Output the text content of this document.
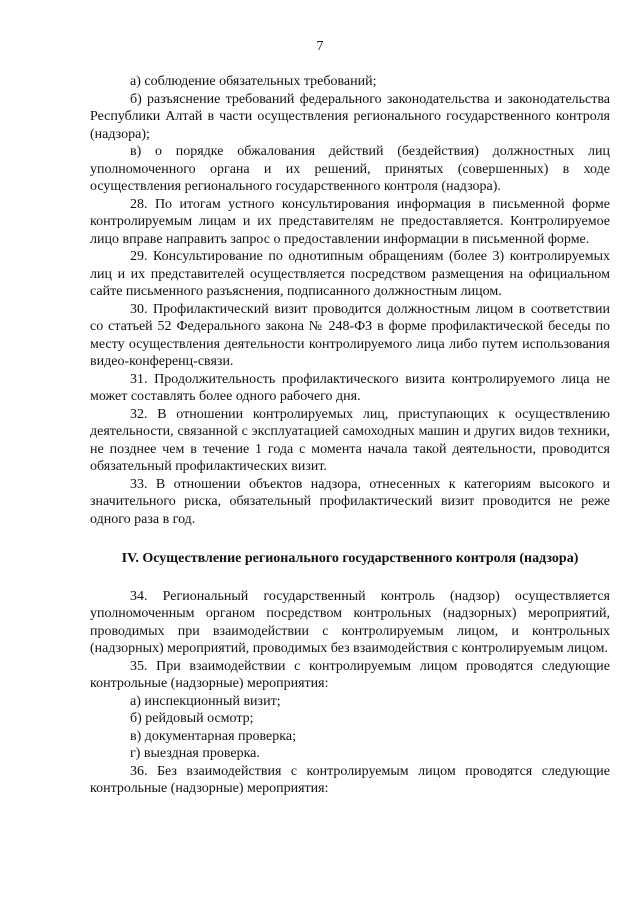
7

а) соблюдение обязательных требований;

б) разъяснение требований федерального законодательства и законодательства Республики Алтай в части осуществления регионального государственного контроля (надзора);

в) о порядке обжалования действий (бездействия) должностных лиц уполномоченного органа и их решений, принятых (совершенных) в ходе осуществления регионального государственного контроля (надзора).

28. По итогам устного консультирования информация в письменной форме контролируемым лицам и их представителям не предоставляется. Контролируемое лицо вправе направить запрос о предоставлении информации в письменной форме.

29. Консультирование по однотипным обращениям (более 3) контролируемых лиц и их представителей осуществляется посредством размещения на официальном сайте письменного разъяснения, подписанного должностным лицом.

30. Профилактический визит проводится должностным лицом в соответствии со статьей 52 Федерального закона № 248-ФЗ в форме профилактической беседы по месту осуществления деятельности контролируемого лица либо путем использования видео-конференц-связи.

31. Продолжительность профилактического визита контролируемого лица не может составлять более одного рабочего дня.

32. В отношении контролируемых лиц, приступающих к осуществлению деятельности, связанной с эксплуатацией самоходных машин и других видов техники, не позднее чем в течение 1 года с момента начала такой деятельности, проводится обязательный профилактических визит.

33. В отношении объектов надзора, отнесенных к категориям высокого и значительного риска, обязательный профилактический визит проводится не реже одного раза в год.

IV. Осуществление регионального государственного контроля (надзора)

34. Региональный государственный контроль (надзор) осуществляется уполномоченным органом посредством контрольных (надзорных) мероприятий, проводимых при взаимодействии с контролируемым лицом, и контрольных (надзорных) мероприятий, проводимых без взаимодействия с контролируемым лицом.

35. При взаимодействии с контролируемым лицом проводятся следующие контрольные (надзорные) мероприятия:

а) инспекционный визит;

б) рейдовый осмотр;

в) документарная проверка;

г) выездная проверка.

36. Без взаимодействия с контролируемым лицом проводятся следующие контрольные (надзорные) мероприятия:
